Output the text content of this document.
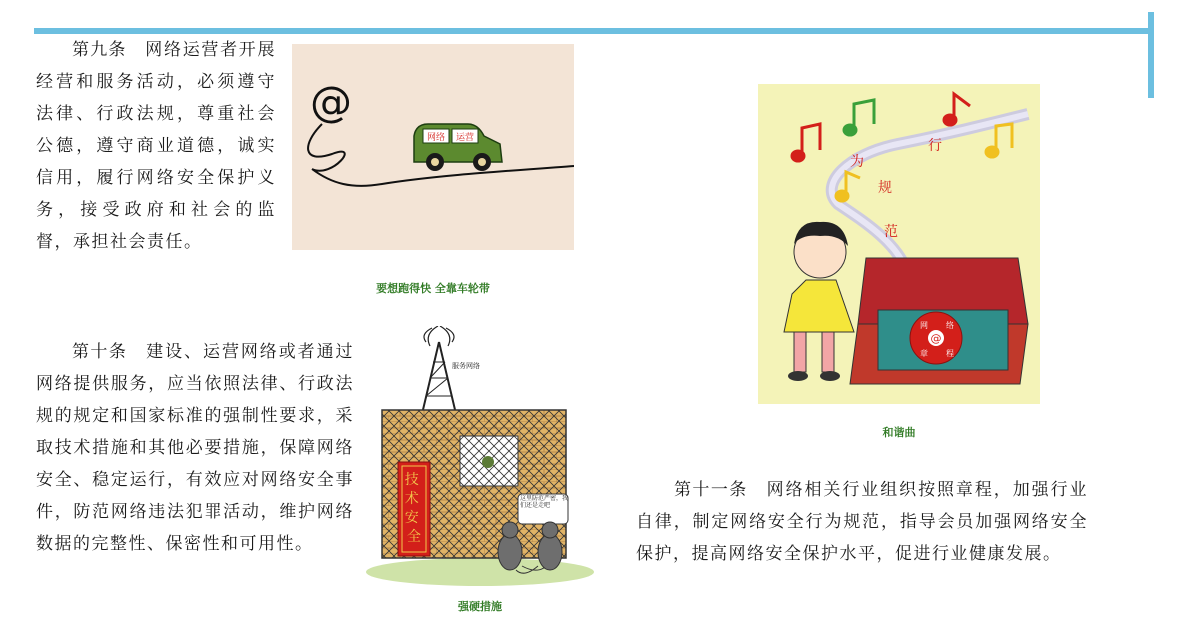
第九条  网络运营者开展经营和服务活动，必须遵守法律、行政法规，尊重社会公德，遵守商业道德，诚实信用，履行网络安全保护义务，接受政府和社会的监督，承担社会责任。

@
网络 运营
要想跑得快 全靠车轮带

第十条  建设、运营网络或者通过网络提供服务，应当依照法律、行政法规的规定和国家标准的强制性要求，采取技术措施和其他必要措施，保障网络安全、稳定运行，有效应对网络安全事件，防范网络违法犯罪活动，维护网络数据的完整性、保密性和可用性。

服务网络
技 术 安 全
这里防范严密，我们还是走吧
强硬措施
行 为 规 范
@
网 络 章 程
和谐曲

第十一条  网络相关行业组织按照章程，加强行业自律，制定网络安全行为规范，指导会员加强网络安全保护，提高网络安全保护水平，促进行业健康发展。
